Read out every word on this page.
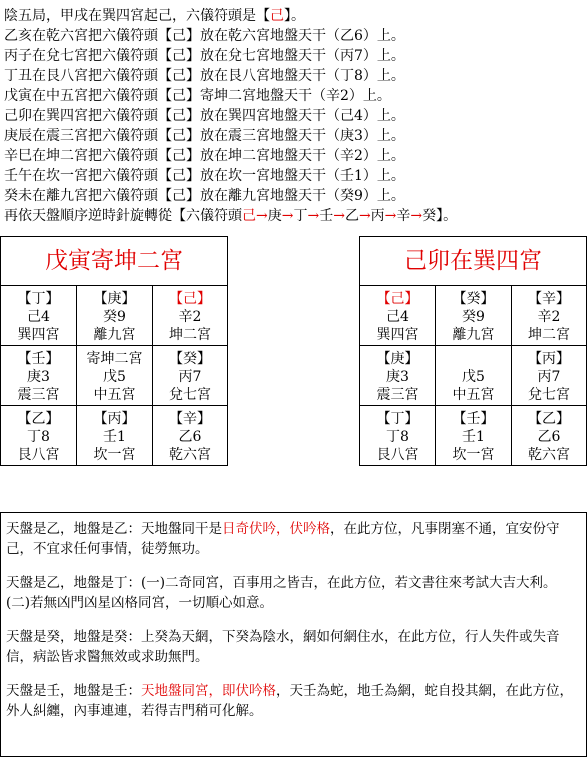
陰五局，甲戌在巽四宮起己，六儀符頭是【己】。
乙亥在乾六宮把六儀符頭【己】放在乾六宮地盤天干（乙6）上。
丙子在兌七宮把六儀符頭【己】放在兌七宮地盤天干（丙7）上。
丁丑在艮八宮把六儀符頭【己】放在艮八宮地盤天干（丁8）上。
戊寅在中五宮把六儀符頭【己】寄坤二宮地盤天干（辛2）上。
己卯在巽四宮把六儀符頭【己】放在巽四宮地盤天干（己4）上。
庚辰在震三宮把六儀符頭【己】放在震三宮地盤天干（庚3）上。
辛巳在坤二宮把六儀符頭【己】放在坤二宮地盤天干（辛2）上。
壬午在坎一宮把六儀符頭【己】放在坎一宮地盤天干（壬1）上。
癸未在離九宮把六儀符頭【己】放在離九宮地盤天干（癸9）上。
再依天盤順序逆時針旋轉從【六儀符頭己→庚→丁→壬→乙→丙→辛→癸】。
戊寅寄坤二宮
【丁】
己4
巽四宮
【庚】
癸9
離九宮
【己】
辛2
坤二宮
【壬】
庚3
震三宮
寄坤二宮
戊5
中五宮
【癸】
丙7
兌七宮
【乙】
丁8
艮八宮
【丙】
壬1
坎一宮
【辛】
乙6
乾六宮
己卯在巽四宮
【己】
己4
巽四宮
【癸】
癸9
離九宮
【辛】
辛2
坤二宮
【庚】
庚3
震三宮

戊5
中五宮
【丙】
丙7
兌七宮
【丁】
丁8
艮八宮
【壬】
壬1
坎一宮
【乙】
乙6
乾六宮

天盤是乙，地盤是乙：天地盤同干是日奇伏吟，伏吟格，在此方位，凡事閉塞不通，宜安份守己，不宜求任何事情，徒勞無功。

天盤是乙，地盤是丁：(一)二奇同宮，百事用之皆吉，在此方位，若文書往來考試大吉大利。(二)若無凶門凶星凶格同宮，一切順心如意。

天盤是癸，地盤是癸：上癸為天網，下癸為陰水，網如何網住水，在此方位，行人失件或失音信，病訟皆求醫無效或求助無門。

天盤是壬，地盤是壬：天地盤同宮，即伏吟格，天壬為蛇，地壬為網，蛇自投其網，在此方位，外人糾纏，內事連連，若得吉門稍可化解。
